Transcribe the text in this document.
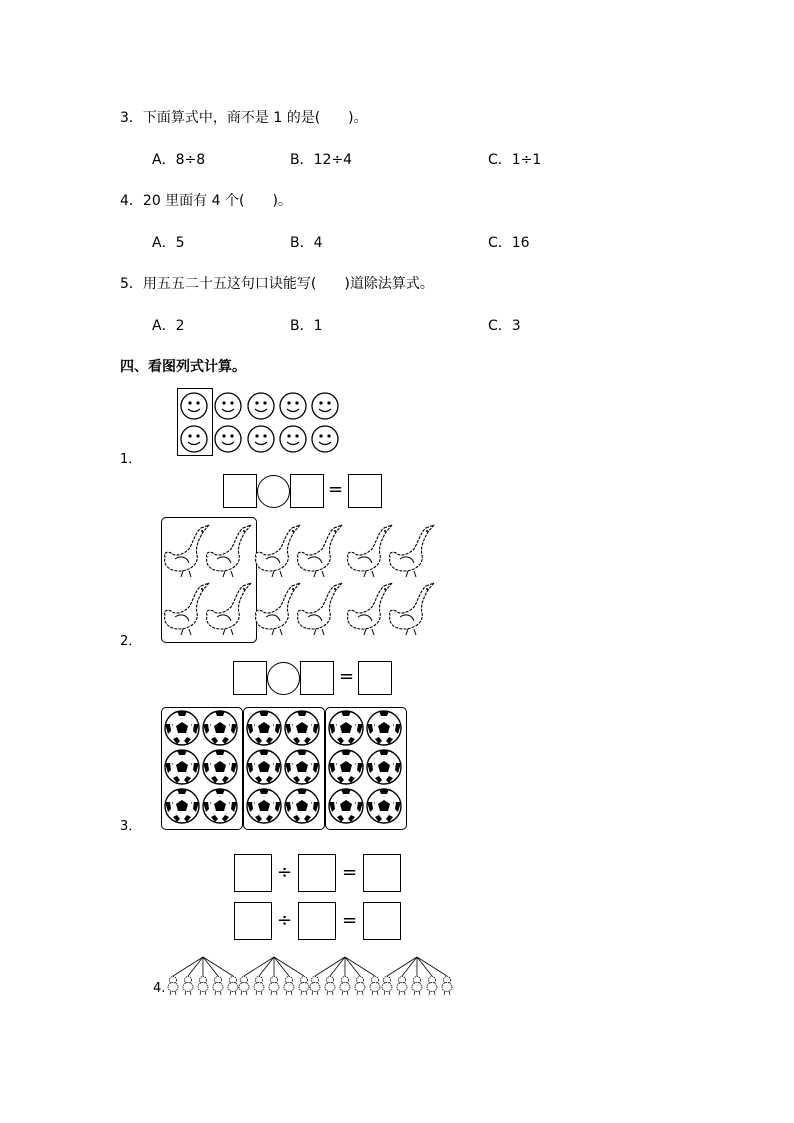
3．下面算式中，商不是 1 的是(　　)。
A．8÷8	B．12÷4	C．1÷1
4．20 里面有 4 个(　　)。
A．5	B．4	C．16
5．用五五二十五这句口诀能写(　　)道除法算式。
A．2	B．1	C．3
四、看图列式计算。
1．
=
2．
=
3．
÷	=
÷	=
4.
